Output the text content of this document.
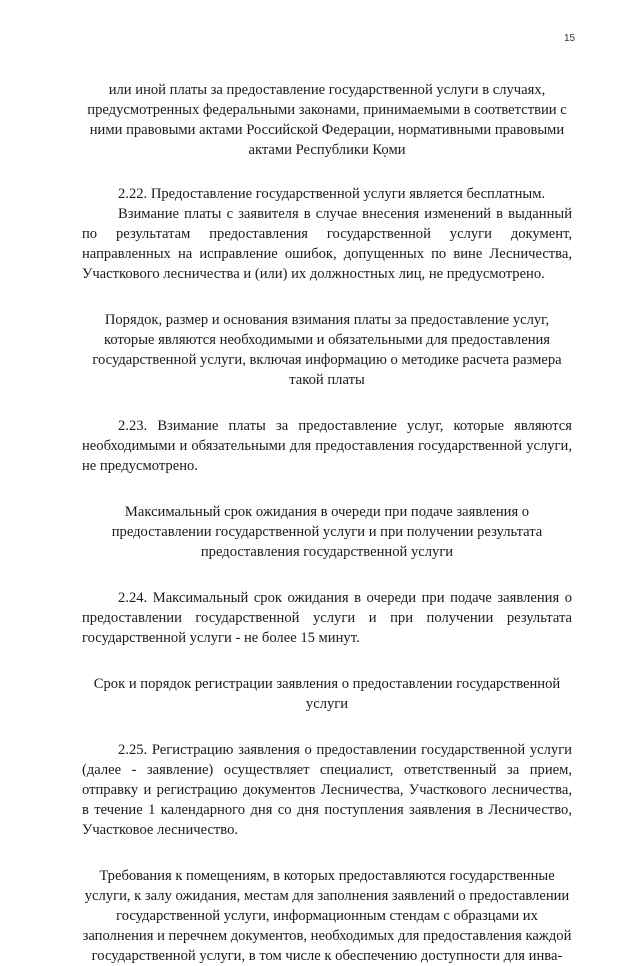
15

или иной платы за предоставление государственной услуги в случаях, предусмотренных федеральными законами, принимаемыми в соответствии с ними правовыми актами Российской Федерации, нормативными правовыми актами Республики Коми

2.22. Предоставление государственной услуги является бесплатным.

Взимание платы с заявителя в случае внесения изменений в выданный по результатам предоставления государственной услуги документ, направленных на исправление ошибок, допущенных по вине Лесничества, Участкового лесничества и (или) их должностных лиц, не предусмотрено.

Порядок, размер и основания взимания платы за предоставление услуг, которые являются необходимыми и обязательными для предоставления государственной услуги, включая информацию о методике расчета размера такой платы

2.23. Взимание платы за предоставление услуг, которые являются необходимыми и обязательными для предоставления государственной услуги, не предусмотрено.

Максимальный срок ожидания в очереди при подаче заявления о предоставлении государственной услуги и при получении результата предоставления государственной услуги

2.24. Максимальный срок ожидания в очереди при подаче заявления о предоставлении государственной услуги и при получении результата государственной услуги - не более 15 минут.

Срок и порядок регистрации заявления о предоставлении государственной услуги

2.25. Регистрацию заявления о предоставлении государственной услуги (далее - заявление) осуществляет специалист, ответственный за прием, отправку и регистрацию документов Лесничества, Участкового лесничества, в течение 1 календарного дня со дня поступления заявления в Лесничество, Участковое лесничество.

Требования к помещениям, в которых предоставляются государственные услуги, к залу ожидания, местам для заполнения заявлений о предоставлении государственной услуги, информационным стендам с образцами их заполнения и перечнем документов, необходимых для предоставления каждой государственной услуги, в том числе к обеспечению доступности для инва-
